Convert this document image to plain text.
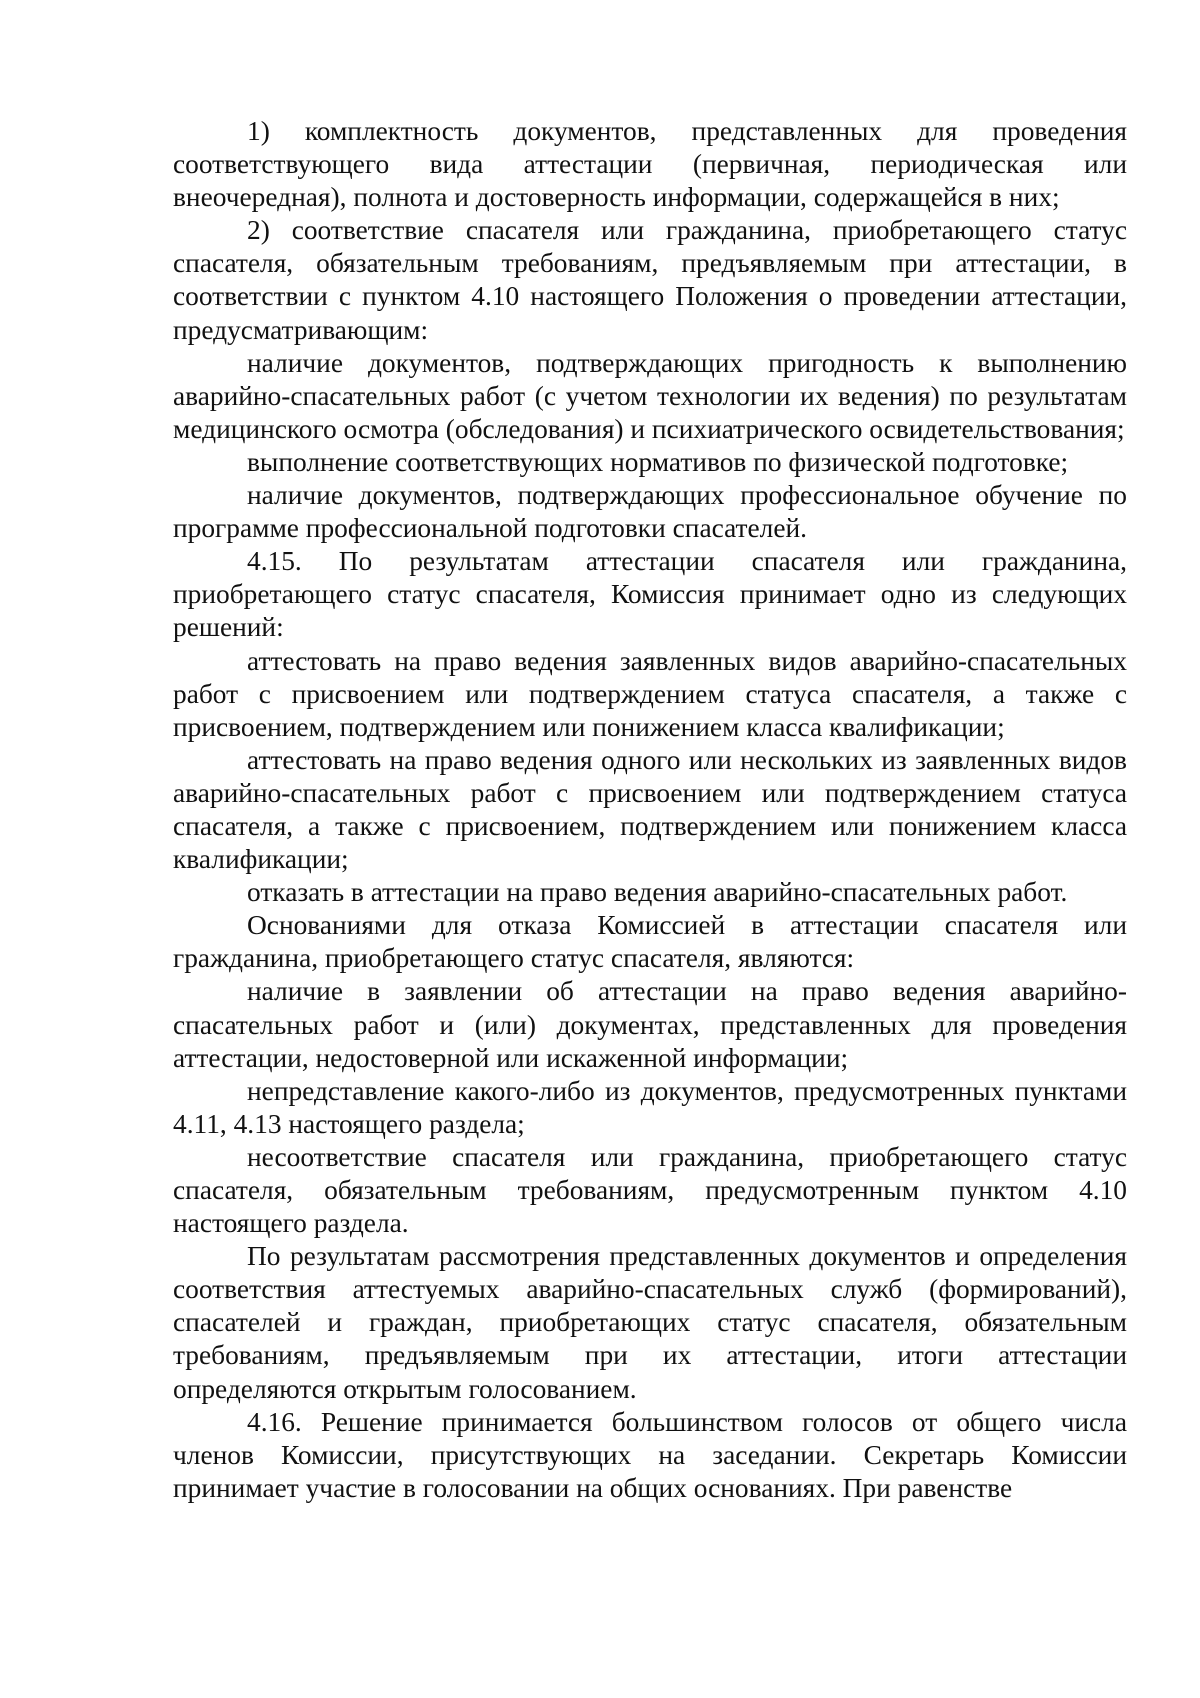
1) комплектность документов, представленных для проведения соответствующего вида аттестации (первичная, периодическая или внеочередная), полнота и достоверность информации, содержащейся в них;

2) соответствие спасателя или гражданина, приобретающего статус спасателя, обязательным требованиям, предъявляемым при аттестации, в соответствии с пунктом 4.10 настоящего Положения о проведении аттестации, предусматривающим:

наличие документов, подтверждающих пригодность к выполнению аварийно-спасательных работ (с учетом технологии их ведения) по результатам медицинского осмотра (обследования) и психиатрического освидетельствования;

выполнение соответствующих нормативов по физической подготовке;

наличие документов, подтверждающих профессиональное обучение по программе профессиональной подготовки спасателей.

4.15. По результатам аттестации спасателя или гражданина, приобретающего статус спасателя, Комиссия принимает одно из следующих решений:

аттестовать на право ведения заявленных видов аварийно-спасательных работ с присвоением или подтверждением статуса спасателя, а также с присвоением, подтверждением или понижением класса квалификации;

аттестовать на право ведения одного или нескольких из заявленных видов аварийно-спасательных работ с присвоением или подтверждением статуса спасателя, а также с присвоением, подтверждением или понижением класса квалификации;

отказать в аттестации на право ведения аварийно-спасательных работ.

Основаниями для отказа Комиссией в аттестации спасателя или гражданина, приобретающего статус спасателя, являются:

наличие в заявлении об аттестации на право ведения аварийно-спасательных работ и (или) документах, представленных для проведения аттестации, недостоверной или искаженной информации;

непредставление какого-либо из документов, предусмотренных пунктами 4.11, 4.13 настоящего раздела;

несоответствие спасателя или гражданина, приобретающего статус спасателя, обязательным требованиям, предусмотренным пунктом 4.10 настоящего раздела.

По результатам рассмотрения представленных документов и определения соответствия аттестуемых аварийно-спасательных служб (формирований), спасателей и граждан, приобретающих статус спасателя, обязательным требованиям, предъявляемым при их аттестации, итоги аттестации определяются открытым голосованием.

4.16. Решение принимается большинством голосов от общего числа членов Комиссии, присутствующих на заседании. Секретарь Комиссии принимает участие в голосовании на общих основаниях. При равенстве
